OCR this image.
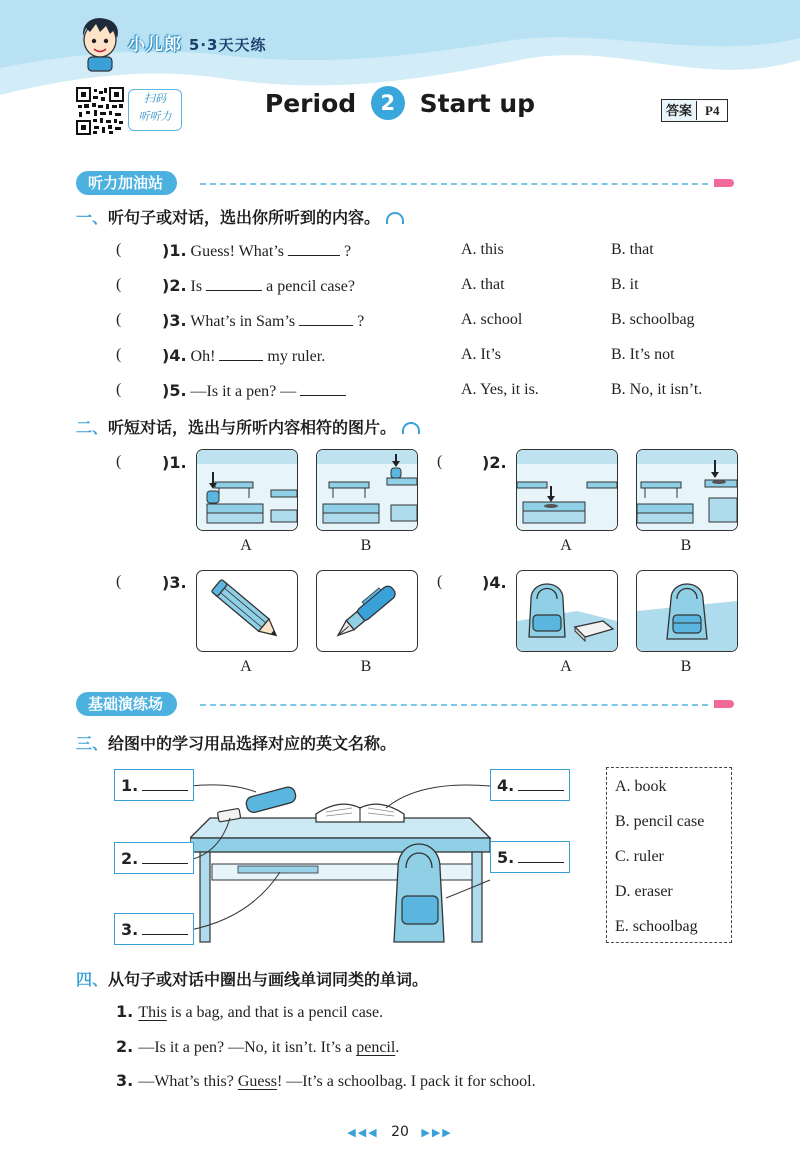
小儿郎 5·3天天练
扫码
听听力	Period 2 Start up	答案 P4
听力加油站
一、听句子或对话，选出你所听到的内容。
(	)1. Guess! What’s	?	A. this	B. that
(	)2. Is	a pencil case?	A. that	B. it
(	)3. What’s in Sam’s	?	A. school	B. schoolbag
(	)4. Oh!	my ruler.	A. It’s	B. It’s not
(	)5. —Is it a pen? —	A. Yes, it is.	B. No, it isn’t.
二、听短对话，选出与所听内容相符的图片。
(	)1.	( )2.
(	)3.	( )4.
A	B	A	B
A	B	A	B
基础演练场
三、给图中的学习用品选择对应的英文名称。
1.
2.
3.
4.
5.
A. book
B. pencil case
C. ruler
D. eraser
E. schoolbag
四、从句子或对话中圈出与画线单词同类的单词。
1. This is a bag, and that is a pencil case.
2. —Is it a pen? —No, it isn’t. It’s a pencil.
3. —What’s this? Guess! —It’s a schoolbag. I pack it for school.
◀◀◀ 20 ▶▶▶
